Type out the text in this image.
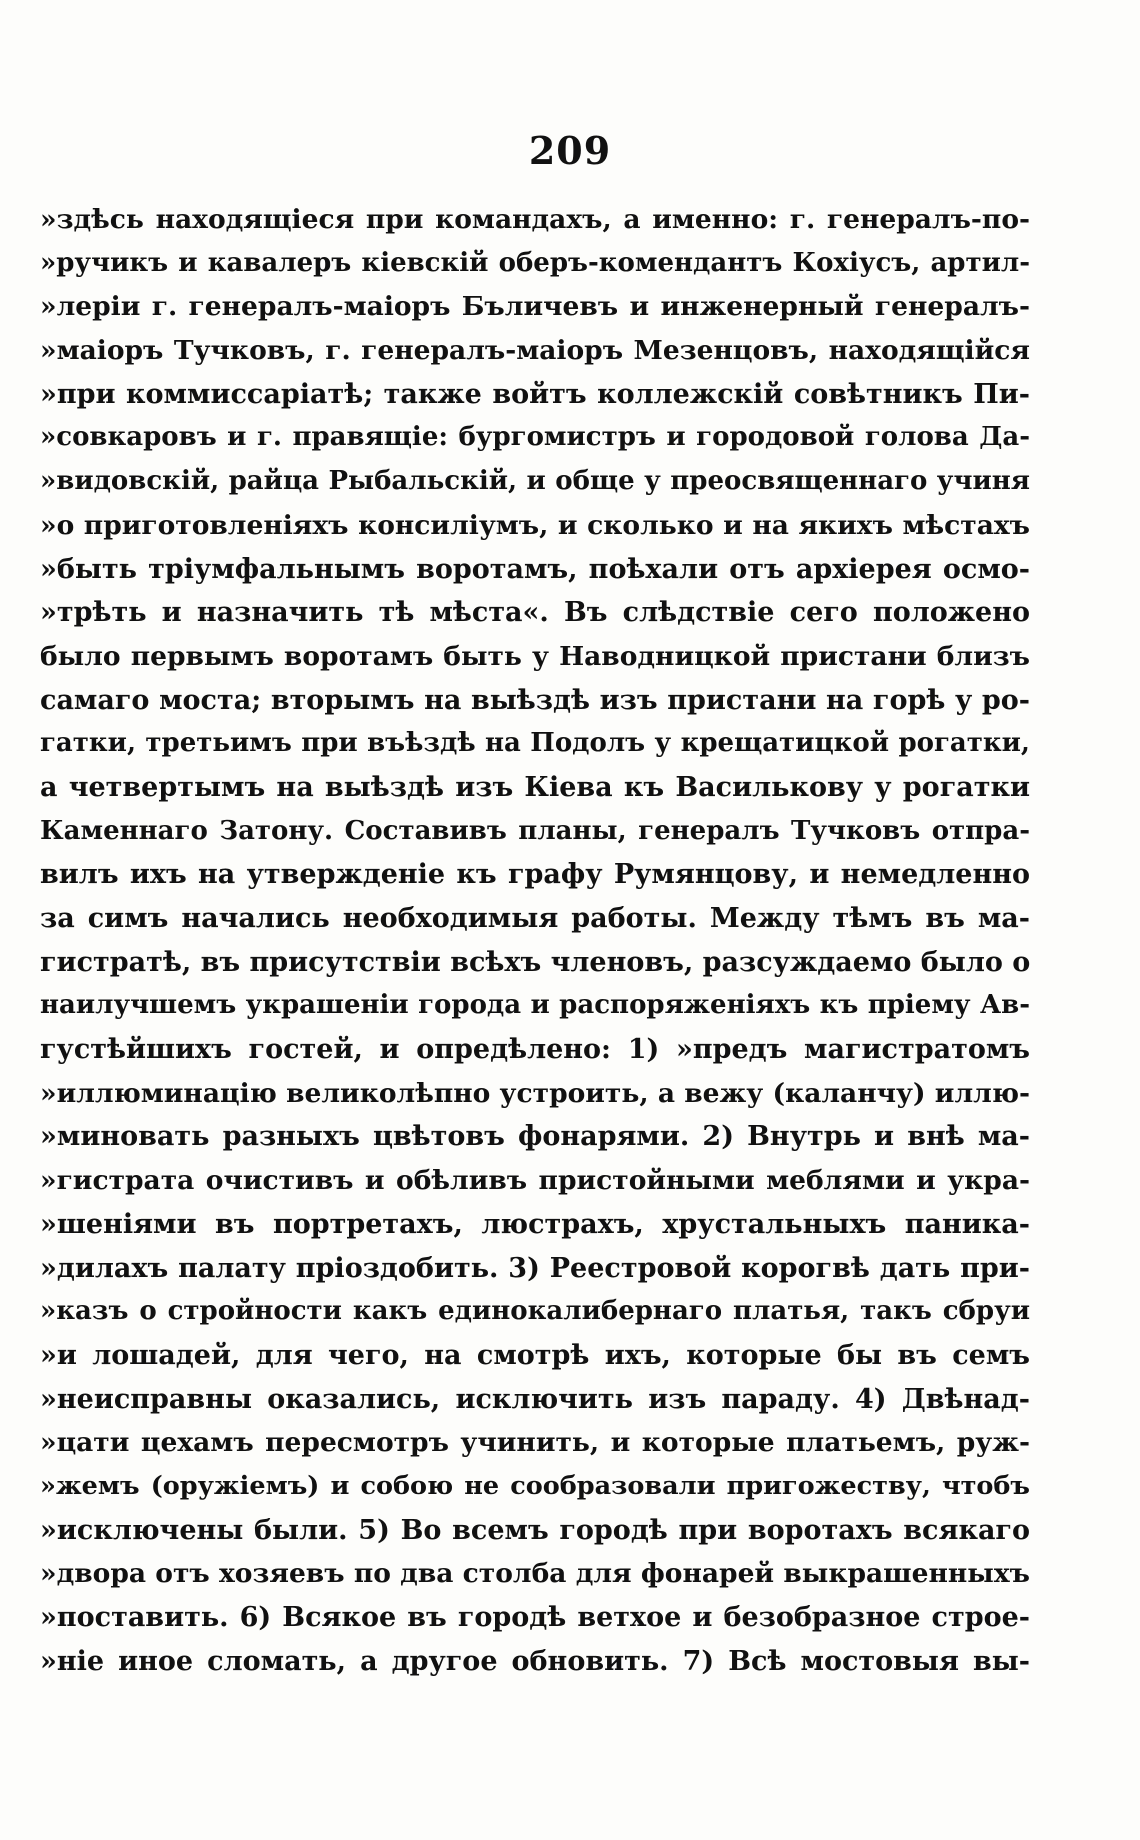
209
»здѣсь находящіеся при командахъ, а именно: г. генералъ-по-
»ручикъ и кавалеръ кіевскій оберъ-комендантъ Кохіусъ, артил-
»леріи г. генералъ-маіоръ Бъличевъ и инженерный генералъ-
»маіоръ Тучковъ, г. генералъ-маіоръ Мезенцовъ, находящійся
»при коммиссаріатѣ; также войтъ коллежскій совѣтникъ Пи-
»совкаровъ и г. правящіе: бургомистръ и городовой голова Да-
»видовскій, райца Рыбальскій, и обще у преосвященнаго учиня
»о приготовленіяхъ консиліумъ, и сколько и на якихъ мѣстахъ
»быть тріумфальнымъ воротамъ, поѣхали отъ архіерея осмо-
»трѣть и назначить тѣ мѣста«. Въ слѣдствіе сего положено
было первымъ воротамъ быть у Наводницкой пристани близъ
самаго моста; вторымъ на выѣздѣ изъ пристани на горѣ у ро-
гатки, третьимъ при въѣздѣ на Подолъ у крещатицкой рогатки,
а четвертымъ на выѣздѣ изъ Кіева къ Василькову у рогатки
Каменнаго Затону. Составивъ планы, генералъ Тучковъ отпра-
вилъ ихъ на утвержденіе къ графу Румянцову, и немедленно
за симъ начались необходимыя работы. Между тѣмъ въ ма-
гистратѣ, въ присутствіи всѣхъ членовъ, разсуждаемо было о
наилучшемъ украшеніи города и распоряженіяхъ къ пріему Ав-
густѣйшихъ гостей, и опредѣлено: 1) »предъ магистратомъ
»иллюминацію великолѣпно устроить, а вежу (каланчу) иллю-
»миновать разныхъ цвѣтовъ фонарями. 2) Внутрь и внѣ ма-
»гистрата очистивъ и обѣливъ пристойными меблями и укра-
»шеніями въ портретахъ, люстрахъ, хрустальныхъ паника-
»дилахъ палату пріоздобить. 3) Реестровой корогвѣ дать при-
»казъ о стройности какъ единокалибернаго платья, такъ сбруи
»и лошадей, для чего, на смотрѣ ихъ, которые бы въ семъ
»неисправны оказались, исключить изъ параду. 4) Двѣнад-
»цати цехамъ пересмотръ учинить, и которые платьемъ, руж-
»жемъ (оружіемъ) и собою не сообразовали пригожеству, чтобъ
»исключены были. 5) Во всемъ городѣ при воротахъ всякаго
»двора отъ хозяевъ по два столба для фонарей выкрашенныхъ
»поставить. 6) Всякое въ городѣ ветхое и безобразное строе-
»ніе иное сломать, а другое обновить. 7) Всѣ мостовыя вы-
